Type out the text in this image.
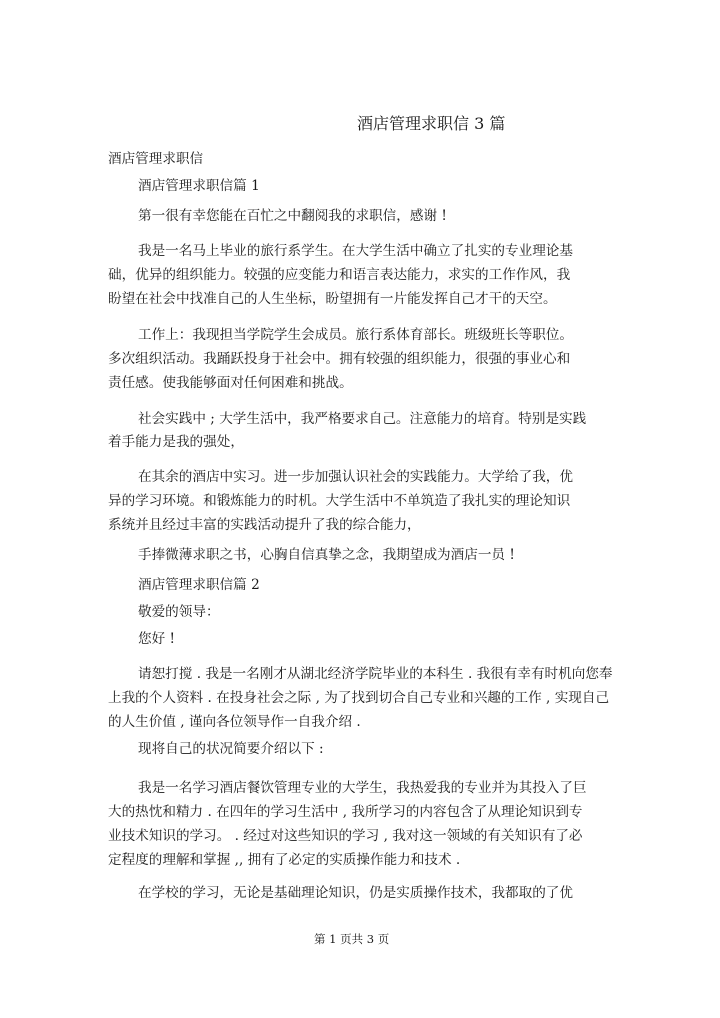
酒店管理求职信 3 篇
酒店管理求职信
酒店管理求职信篇 1
第一很有幸您能在百忙之中翻阅我的求职信，感谢 !
我是一名马上毕业的旅行系学生。在大学生活中确立了扎实的专业理论基
础，优异的组织能力。较强的应变能力和语言表达能力，求实的工作作风，我
盼望在社会中找准自己的人生坐标，盼望拥有一片能发挥自己才干的天空。
工作上：我现担当学院学生会成员。旅行系体育部长。班级班长等职位。
多次组织活动。我踊跃投身于社会中。拥有较强的组织能力，很强的事业心和
责任感。使我能够面对任何困难和挑战。
社会实践中 ; 大学生活中，我严格要求自己。注意能力的培育。特别是实践
着手能力是我的强处，
在其余的酒店中实习。进一步加强认识社会的实践能力。大学给了我，优
异的学习环境。和锻炼能力的时机。大学生活中不单筑造了我扎实的理论知识
系统并且经过丰富的实践活动提升了我的综合能力，
手捧微薄求职之书，心胸自信真挚之念，我期望成为酒店一员 !
酒店管理求职信篇 2
敬爱的领导：
您好 !
请恕打搅 . 我是一名刚才从湖北经济学院毕业的本科生 . 我很有幸有时机向您奉
上我的个人资料 . 在投身社会之际 , 为了找到切合自己专业和兴趣的工作 , 实现自己
的人生价值 , 谨向各位领导作一自我介绍 .
现将自己的状况简要介绍以下 :
我是一名学习酒店餐饮管理专业的大学生，我热爱我的专业并为其投入了巨
大的热忱和精力 . 在四年的学习生活中 , 我所学习的内容包含了从理论知识到专
业技术知识的学习。 . 经过对这些知识的学习 , 我对这一领域的有关知识有了必
定程度的理解和掌握 ,, 拥有了必定的实质操作能力和技术 .
在学校的学习，无论是基础理论知识，仍是实质操作技术，我都取的了优
第 1 页共 3 页
